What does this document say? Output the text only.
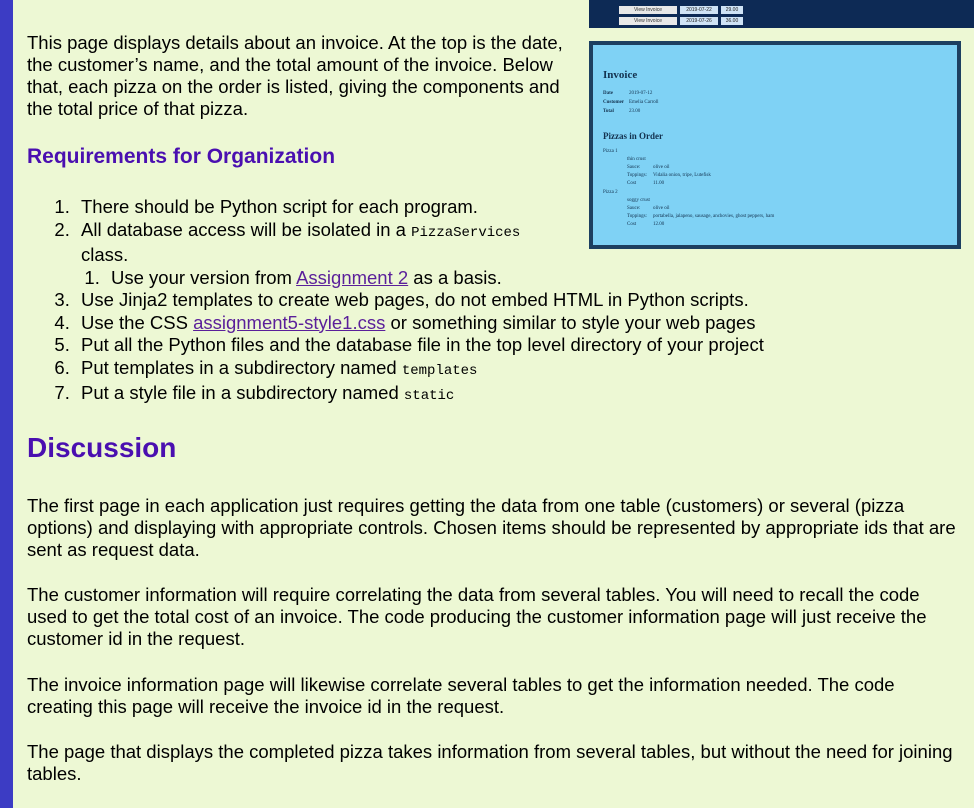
View Invoice	2019-07-22	29.00
View Invoice	2019-07-26	36.00

This page displays details about an invoice. At the top is the date, the customer’s name, and the total amount of the invoice. Below that, each pizza on the order is listed, giving the components and the total price of that pizza.

Invoice
Date	2019-07-12
Customer Emelia Carroll
Total	23.00
Pizzas in Order
Pizza 1
thin crust
Sauce:	olive oil
Toppings: Vidalia onion, tripe, Lutefisk
Cost	11.00
Pizza 2
soggy crust
Sauce:	olive oil
Toppings: portabella, jalapeno, sausage, anchovies, ghost peppers, ham
Cost	12.00
Requirements for Organization
1. There should be Python script for each program.
2. All database access will be isolated in a PizzaServices class.
1. Use your version from Assignment 2 as a basis.
3. Use Jinja2 templates to create web pages, do not embed HTML in Python scripts.
4. Use the CSS assignment5-style1.css or something similar to style your web pages
5. Put all the Python files and the database file in the top level directory of your project
6. Put templates in a subdirectory named templates
7. Put a style file in a subdirectory named static
Discussion

The first page in each application just requires getting the data from one table (customers) or several (pizza options) and displaying with appropriate controls. Chosen items should be represented by appropriate ids that are sent as request data.

The customer information will require correlating the data from several tables. You will need to recall the code used to get the total cost of an invoice. The code producing the customer information page will just receive the customer id in the request.

The invoice information page will likewise correlate several tables to get the information needed. The code creating this page will receive the invoice id in the request.

The page that displays the completed pizza takes information from several tables, but without the need for joining tables.
